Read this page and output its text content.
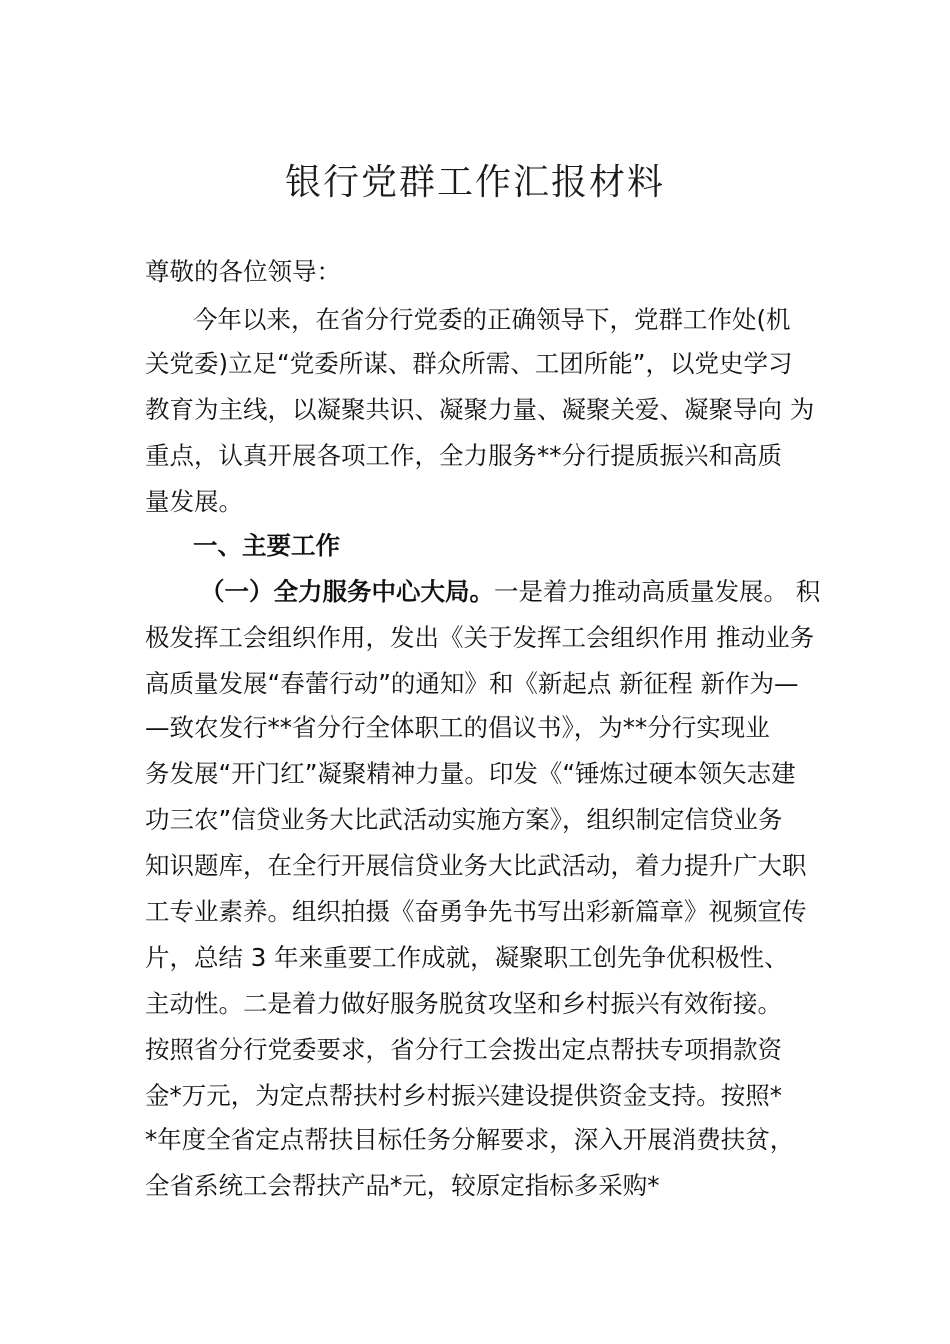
银行党群工作汇报材料
尊敬的各位领导：
今年以来，在省分行党委的正确领导下，党群工作处(机
关党委)立足“党委所谋、群众所需、工团所能”，以党史学习
教育为主线，以凝聚共识、凝聚力量、凝聚关爱、凝聚导向 为
重点，认真开展各项工作，全力服务**分行提质振兴和高质
量发展。
一、主要工作
（一）全力服务中心大局。一是着力推动高质量发展。 积
极发挥工会组织作用，发出《关于发挥工会组织作用 推动业务
高质量发展“春蕾行动”的通知》和《新起点 新征程 新作为—
—致农发行**省分行全体职工的倡议书》，为**分行实现业
务发展“开门红”凝聚精神力量。印发《“锤炼过硬本领矢志建
功三农”信贷业务大比武活动实施方案》，组织制定信贷业务
知识题库，在全行开展信贷业务大比武活动，着力提升广大职
工专业素养。组织拍摄《奋勇争先书写出彩新篇章》视频宣传
片，总结 3 年来重要工作成就，凝聚职工创先争优积极性、
主动性。二是着力做好服务脱贫攻坚和乡村振兴有效衔接。
按照省分行党委要求，省分行工会拨出定点帮扶专项捐款资
金*万元，为定点帮扶村乡村振兴建设提供资金支持。按照*
*年度全省定点帮扶目标任务分解要求，深入开展消费扶贫，
全省系统工会帮扶产品*元，较原定指标多采购*
